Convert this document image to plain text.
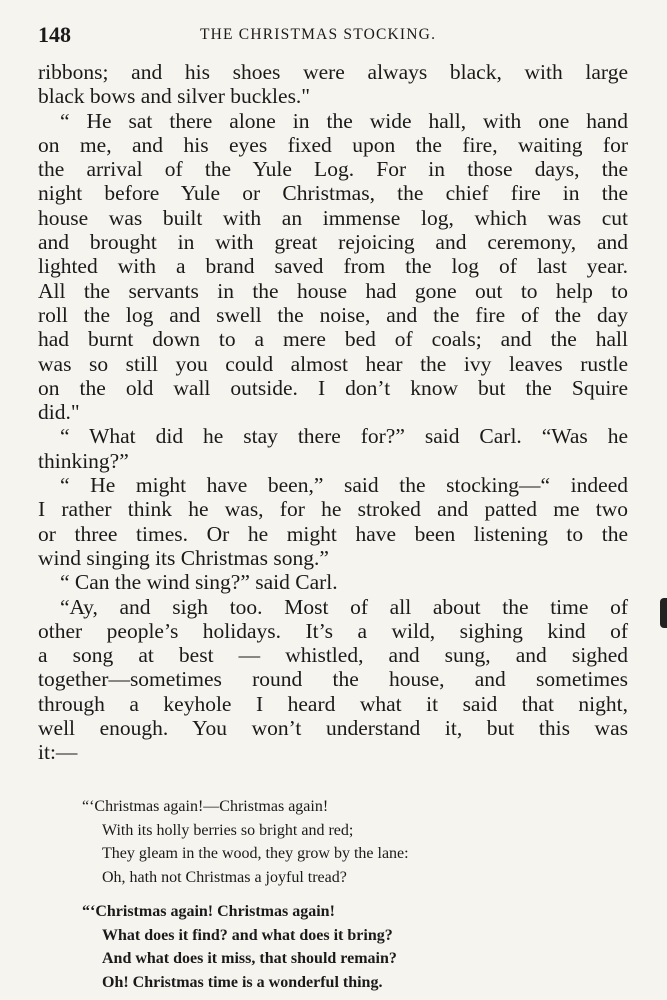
148	THE CHRISTMAS STOCKING.
ribbons; and his shoes were always black, with large
black bows and silver buckles."
“ He sat there alone in the wide hall, with one hand
on me, and his eyes fixed upon the fire, waiting for
the arrival of the Yule Log. For in those days, the
night before Yule or Christmas, the chief fire in the
house was built with an immense log, which was cut
and brought in with great rejoicing and ceremony, and
lighted with a brand saved from the log of last year.
All the servants in the house had gone out to help to
roll the log and swell the noise, and the fire of the day
had burnt down to a mere bed of coals; and the hall
was so still you could almost hear the ivy leaves rustle
on the old wall outside. I don’t know but the Squire
did."
“ What did he stay there for?” said Carl. “Was he
thinking?”
“ He might have been,” said the stocking—“ indeed
I rather think he was, for he stroked and patted me two
or three times. Or he might have been listening to the
wind singing its Christmas song.”
“ Can the wind sing?” said Carl.
“Ay, and sigh too. Most of all about the time of
other people’s holidays. It’s a wild, sighing kind of
a song at best — whistled, and sung, and sighed
together—sometimes round the house, and sometimes
through a keyhole I heard what it said that night,
well enough. You won’t understand it, but this was
it:—
“‘Christmas again!—Christmas again!
With its holly berries so bright and red;
They gleam in the wood, they grow by the lane:
Oh, hath not Christmas a joyful tread?
“‘Christmas again! Christmas again!
What does it find? and what does it bring?
And what does it miss, that should remain?
Oh! Christmas time is a wonderful thing.
